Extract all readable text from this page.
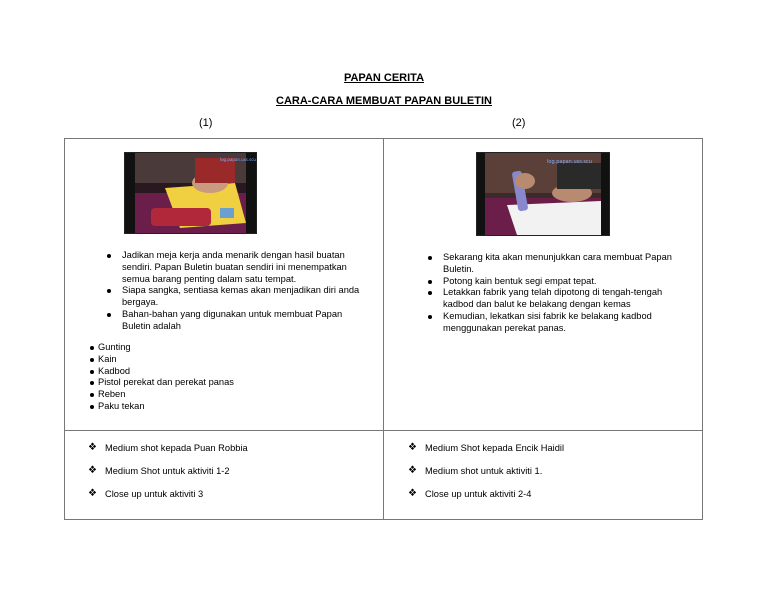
PAPAN CERITA
CARA-CARA MEMBUAT PAPAN BULETIN
(1)	(2)
log.papan.uss.scu	log.papan.uss.scu
Jadikan meja kerja anda menarik dengan hasil buatan sendiri. Papan Buletin buatan sendiri ini menempatkan semua barang penting dalam satu tempat.
Siapa sangka, sentiasa kemas akan menjadikan diri anda bergaya.
Bahan-bahan yang digunakan untuk membuat Papan Buletin adalah
Gunting
Kain
Kadbod
Pistol perekat dan perekat panas
Reben
Paku tekan
Sekarang kita akan menunjukkan cara membuat Papan Buletin.
Potong kain bentuk segi empat tepat.
Letakkan fabrik yang telah dipotong di tengah-tengah kadbod dan balut ke belakang dengan kemas
Kemudian, lekatkan sisi fabrik ke belakang kadbod menggunakan perekat panas.
❖ Medium shot kepada Puan Robbia
❖ Medium Shot untuk aktiviti 1-2
❖ Close up untuk aktiviti 3
❖ Medium Shot kepada Encik Haidil
❖ Medium shot untuk aktiviti 1.
❖ Close up untuk aktiviti 2-4
